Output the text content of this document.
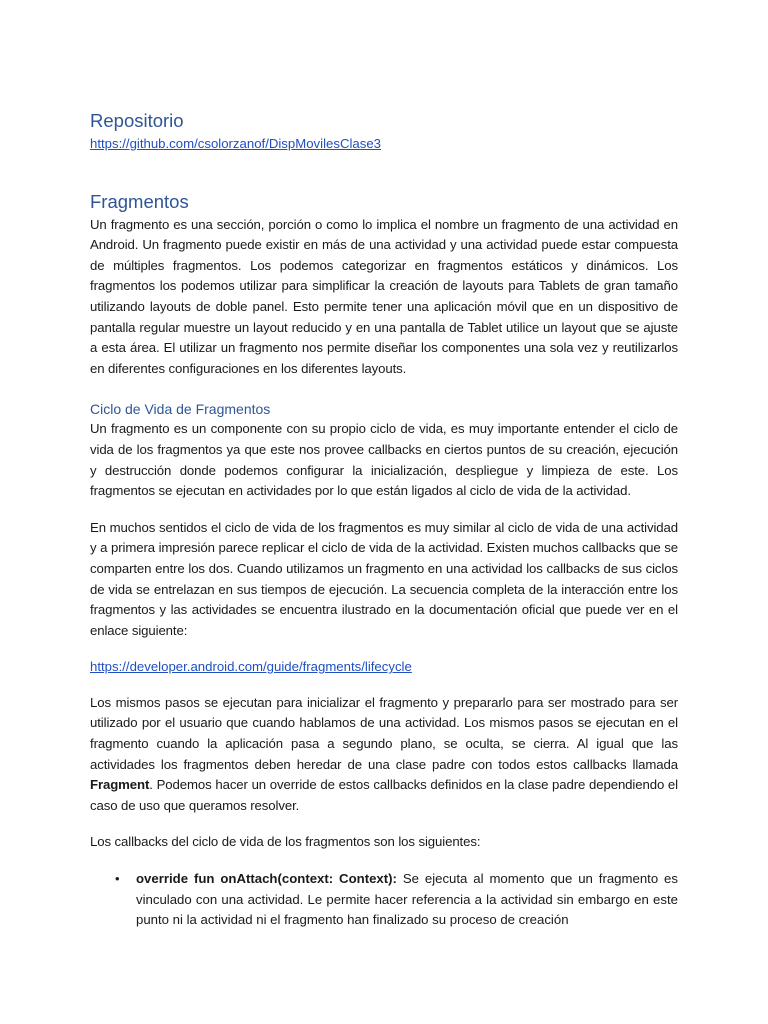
Repositorio
https://github.com/csolorzanof/DispMovilesClase3
Fragmentos

Un fragmento es una sección, porción o como lo implica el nombre un fragmento de una actividad en Android. Un fragmento puede existir en más de una actividad y una actividad puede estar compuesta de múltiples fragmentos. Los podemos categorizar en fragmentos estáticos y dinámicos. Los fragmentos los podemos utilizar para simplificar la creación de layouts para Tablets de gran tamaño utilizando layouts de doble panel. Esto permite tener una aplicación móvil que en un dispositivo de pantalla regular muestre un layout reducido y en una pantalla de Tablet utilice un layout que se ajuste a esta área. El utilizar un fragmento nos permite diseñar los componentes una sola vez y reutilizarlos en diferentes configuraciones en los diferentes layouts.

Ciclo de Vida de Fragmentos

Un fragmento es un componente con su propio ciclo de vida, es muy importante entender el ciclo de vida de los fragmentos ya que este nos provee callbacks en ciertos puntos de su creación, ejecución y destrucción donde podemos configurar la inicialización, despliegue y limpieza de este. Los fragmentos se ejecutan en actividades por lo que están ligados al ciclo de vida de la actividad.

En muchos sentidos el ciclo de vida de los fragmentos es muy similar al ciclo de vida de una actividad y a primera impresión parece replicar el ciclo de vida de la actividad. Existen muchos callbacks que se comparten entre los dos. Cuando utilizamos un fragmento en una actividad los callbacks de sus ciclos de vida se entrelazan en sus tiempos de ejecución. La secuencia completa de la interacción entre los fragmentos y las actividades se encuentra ilustrado en la documentación oficial que puede ver en el enlace siguiente:

https://developer.android.com/guide/fragments/lifecycle

Los mismos pasos se ejecutan para inicializar el fragmento y prepararlo para ser mostrado para ser utilizado por el usuario que cuando hablamos de una actividad. Los mismos pasos se ejecutan en el fragmento cuando la aplicación pasa a segundo plano, se oculta, se cierra. Al igual que las actividades los fragmentos deben heredar de una clase padre con todos estos callbacks llamada Fragment. Podemos hacer un override de estos callbacks definidos en la clase padre dependiendo el caso de uso que queramos resolver.

Los callbacks del ciclo de vida de los fragmentos son los siguientes:

• override fun onAttach(context: Context): Se ejecuta al momento que un fragmento es vinculado con una actividad. Le permite hacer referencia a la actividad sin embargo en este punto ni la actividad ni el fragmento han finalizado su proceso de creación
